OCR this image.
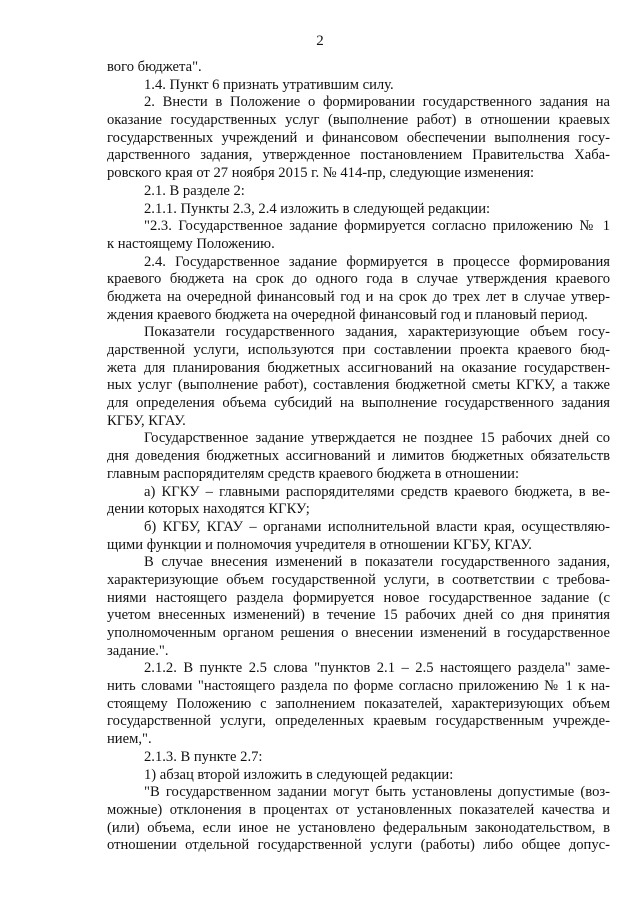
2
вого бюджета".
1.4. Пункт 6 признать утратившим силу.
2. Внести в Положение о формировании государственного задания на
оказание государственных услуг (выполнение работ) в отношении краевых
государственных учреждений и финансовом обеспечении выполнения госу-
дарственного задания, утвержденное постановлением Правительства Хаба-
ровского края от 27 ноября 2015 г. № 414-пр, следующие изменения:
2.1. В разделе 2:
2.1.1. Пункты 2.3, 2.4 изложить в следующей редакции:
"2.3. Государственное задание формируется согласно приложению № 1
к настоящему Положению.
2.4. Государственное задание формируется в процессе формирования
краевого бюджета на срок до одного года в случае утверждения краевого
бюджета на очередной финансовый год и на срок до трех лет в случае утвер-
ждения краевого бюджета на очередной финансовый год и плановый период.
Показатели государственного задания, характеризующие объем госу-
дарственной услуги, используются при составлении проекта краевого бюд-
жета для планирования бюджетных ассигнований на оказание государствен-
ных услуг (выполнение работ), составления бюджетной сметы КГКУ, а также
для определения объема субсидий на выполнение государственного задания
КГБУ, КГАУ.
Государственное задание утверждается не позднее 15 рабочих дней со
дня доведения бюджетных ассигнований и лимитов бюджетных обязательств
главным распорядителям средств краевого бюджета в отношении:
а) КГКУ – главными распорядителями средств краевого бюджета, в ве-
дении которых находятся КГКУ;
б) КГБУ, КГАУ – органами исполнительной власти края, осуществляю-
щими функции и полномочия учредителя в отношении КГБУ, КГАУ.
В случае внесения изменений в показатели государственного задания,
характеризующие объем государственной услуги, в соответствии с требова-
ниями настоящего раздела формируется новое государственное задание (с
учетом внесенных изменений) в течение 15 рабочих дней со дня принятия
уполномоченным органом решения о внесении изменений в государственное
задание.".
2.1.2. В пункте 2.5 слова "пунктов 2.1 – 2.5 настоящего раздела" заме-
нить словами "настоящего раздела по форме согласно приложению № 1 к на-
стоящему Положению с заполнением показателей, характеризующих объем
государственной услуги, определенных краевым государственным учрежде-
нием,".
2.1.3. В пункте 2.7:
1) абзац второй изложить в следующей редакции:
"В государственном задании могут быть установлены допустимые (воз-
можные) отклонения в процентах от установленных показателей качества и
(или) объема, если иное не установлено федеральным законодательством, в
отношении отдельной государственной услуги (работы) либо общее допус-
